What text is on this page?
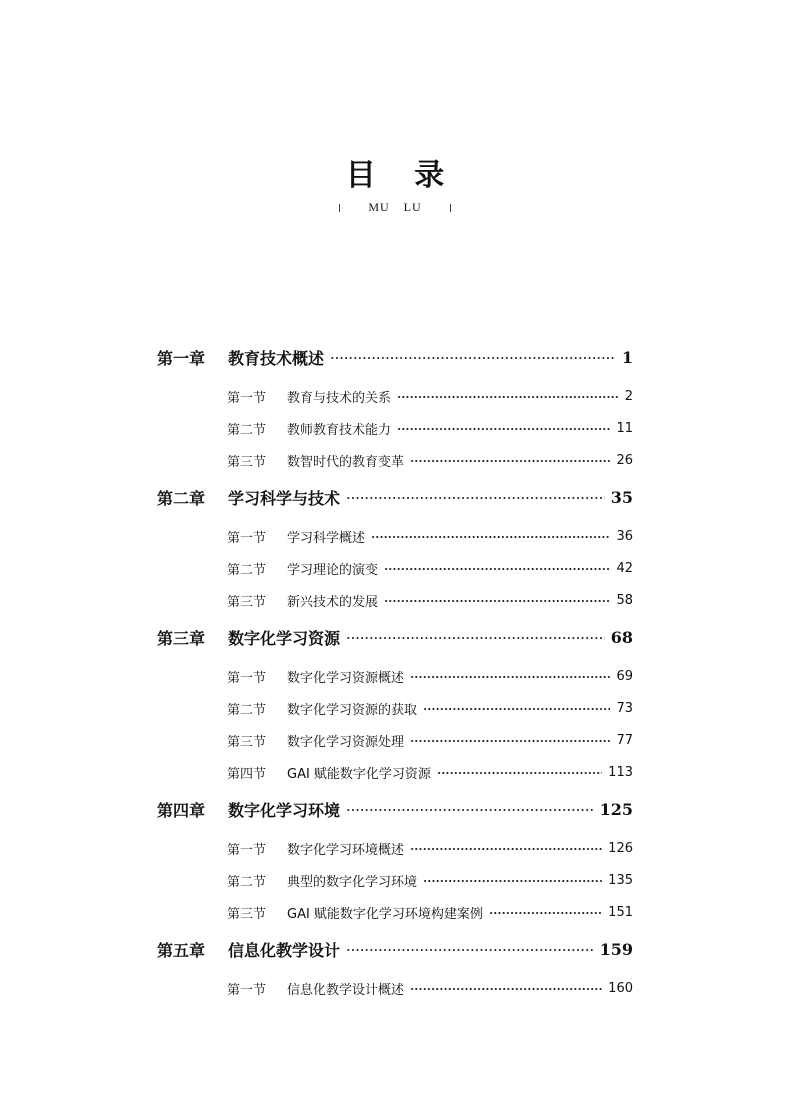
目 录
MU LU
第一章	教育技术概述	1
第一节	教育与技术的关系	2
第二节	教师教育技术能力	11
第三节	数智时代的教育变革	26
第二章	学习科学与技术	35
第一节	学习科学概述	36
第二节	学习理论的演变	42
第三节	新兴技术的发展	58
第三章	数字化学习资源	68
第一节	数字化学习资源概述	69
第二节	数字化学习资源的获取	73
第三节	数字化学习资源处理	77
第四节	GAI 赋能数字化学习资源	113
第四章	数字化学习环境	125
第一节	数字化学习环境概述	126
第二节	典型的数字化学习环境	135
第三节	GAI 赋能数字化学习环境构建案例	151
第五章	信息化教学设计	159
第一节	信息化教学设计概述	160
